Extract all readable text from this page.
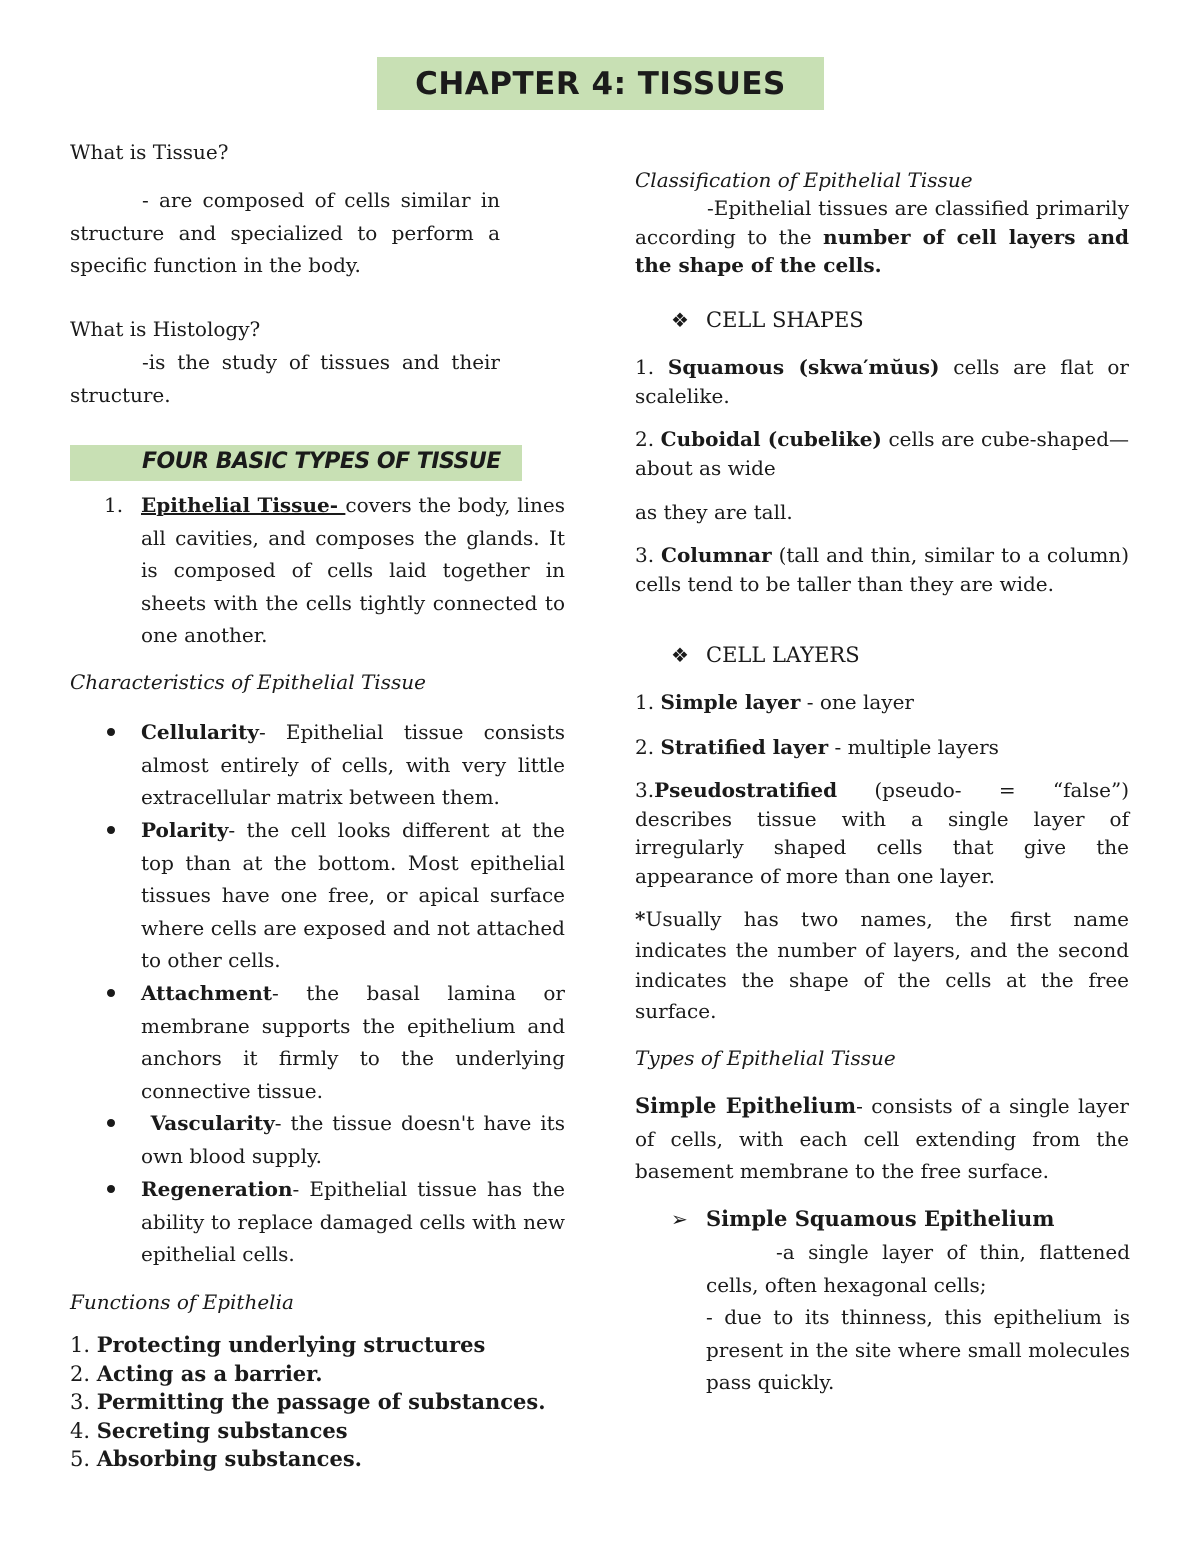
CHAPTER 4: TISSUES
What is Tissue?
- are composed of cells similar in structure and specialized to perform a specific function in the body.
What is Histology?
-is the study of tissues and their structure.
FOUR BASIC TYPES OF TISSUE
1. Epithelial Tissue- covers the body, lines all cavities, and composes the glands. It is composed of cells laid together in sheets with the cells tightly connected to one another.
Characteristics of Epithelial Tissue
Cellularity- Epithelial tissue consists almost entirely of cells, with very little extracellular matrix between them.
Polarity- the cell looks different at the top than at the bottom. Most epithelial tissues have one free, or apical surface where cells are exposed and not attached to other cells.
Attachment- the basal lamina or membrane supports the epithelium and anchors it firmly to the underlying connective tissue.
Vascularity- the tissue doesn't have its own blood supply.
Regeneration- Epithelial tissue has the ability to replace damaged cells with new epithelial cells.
Functions of Epithelia
1. Protecting underlying structures
2. Acting as a barrier.
3. Permitting the passage of substances.
4. Secreting substances
5. Absorbing substances.
Classification of Epithelial Tissue
-Epithelial tissues are classified primarily according to the number of cell layers and the shape of the cells.
❖ CELL SHAPES
1. Squamous (skwa′mŭus) cells are flat or scalelike.
2. Cuboidal (cubelike) cells are cube-shaped—about as wide
as they are tall.
3. Columnar (tall and thin, similar to a column) cells tend to be taller than they are wide.
❖ CELL LAYERS
1. Simple layer - one layer
2. Stratified layer - multiple layers
3.Pseudostratified (pseudo- = “false”) describes tissue with a single layer of irregularly shaped cells that give the appearance of more than one layer.
*Usually has two names, the first name indicates the number of layers, and the second indicates the shape of the cells at the free surface.
Types of Epithelial Tissue
Simple Epithelium- consists of a single layer of cells, with each cell extending from the basement membrane to the free surface.
➢ Simple Squamous Epithelium
-a single layer of thin, flattened cells, often hexagonal cells;
- due to its thinness, this epithelium is present in the site where small molecules pass quickly.
